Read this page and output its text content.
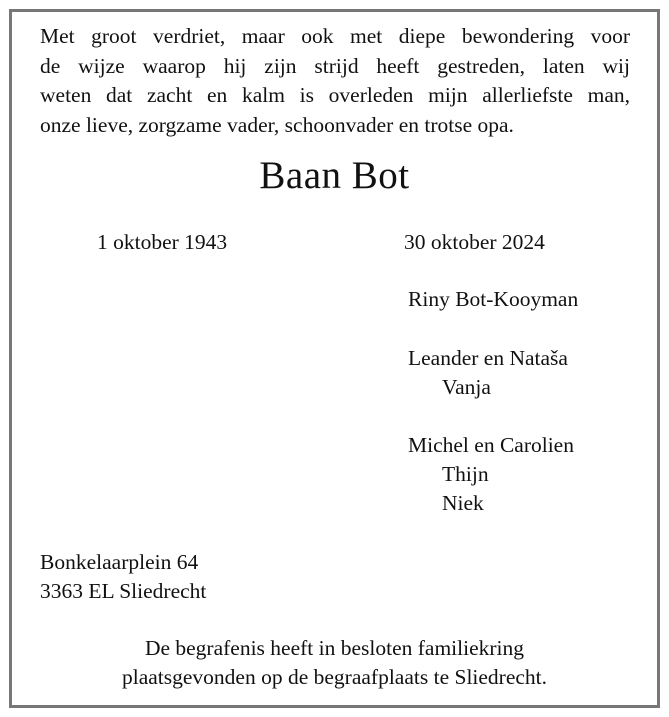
Met groot verdriet, maar ook met diepe bewondering voor
de wijze waarop hij zijn strijd heeft gestreden, laten wij
weten dat zacht en kalm is overleden mijn allerliefste man,
onze lieve, zorgzame vader, schoonvader en trotse opa.
Baan Bot
1 oktober 1943	30 oktober 2024
Riny Bot-Kooyman
Leander en Nataša
Vanja
Michel en Carolien
Thijn
Niek
Bonkelaarplein 64
3363 EL Sliedrecht
De begrafenis heeft in besloten familiekring
plaatsgevonden op de begraafplaats te Sliedrecht.
